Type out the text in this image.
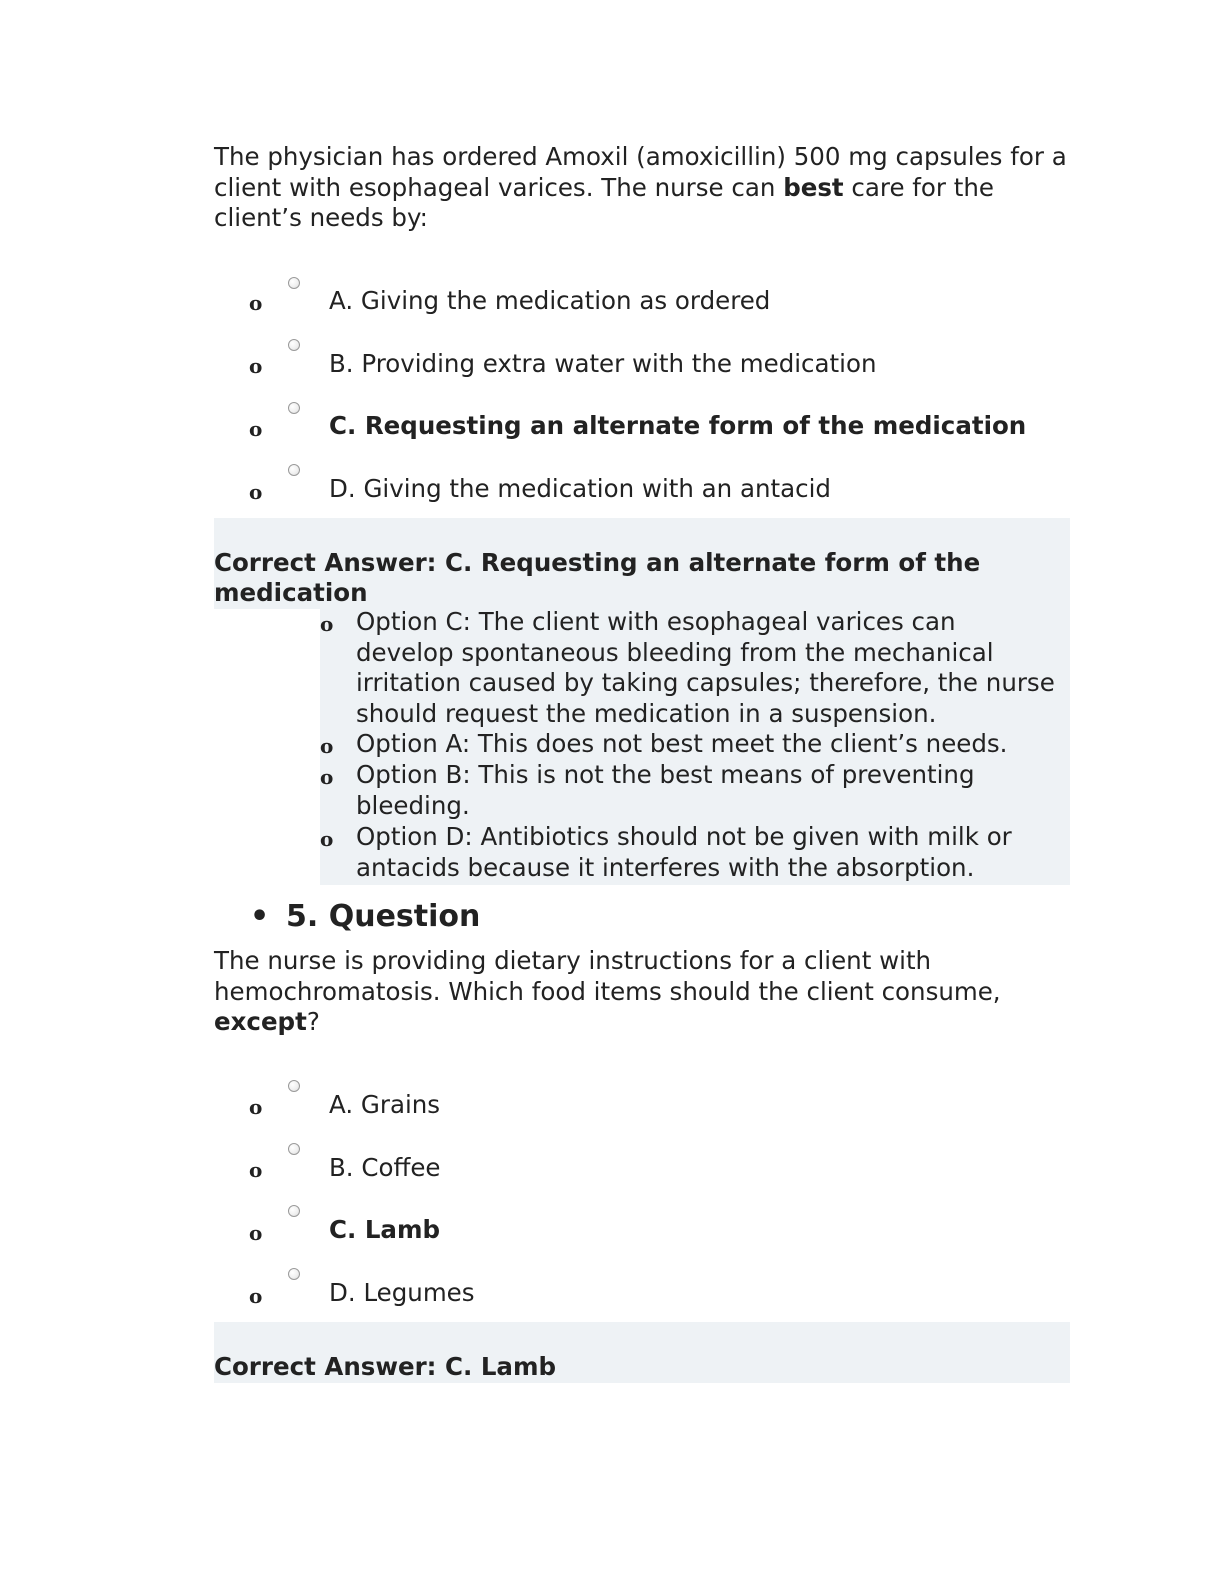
The physician has ordered Amoxil (amoxicillin) 500 mg capsules for a client with esophageal varices. The nurse can best care for the client’s needs by:

o	A. Giving the medication as ordered
o	B. Providing extra water with the medication
o	C. Requesting an alternate form of the medication
o	D. Giving the medication with an antacid

Correct Answer: C. Requesting an alternate form of the
medication

o Option C: The client with esophageal varices can develop spontaneous bleeding from the mechanical irritation caused by taking capsules; therefore, the nurse should request the medication in a suspension.
o Option A: This does not best meet the client’s needs.
o Option B: This is not the best means of preventing bleeding.
o Option D: Antibiotics should not be given with milk or antacids because it interferes with the absorption.
• 5. Question

The nurse is providing dietary instructions for a client with hemochromatosis. Which food items should the client consume, except?

o	A. Grains
o	B. Coffee
o	C. Lamb
o	D. Legumes

Correct Answer: C. Lamb
